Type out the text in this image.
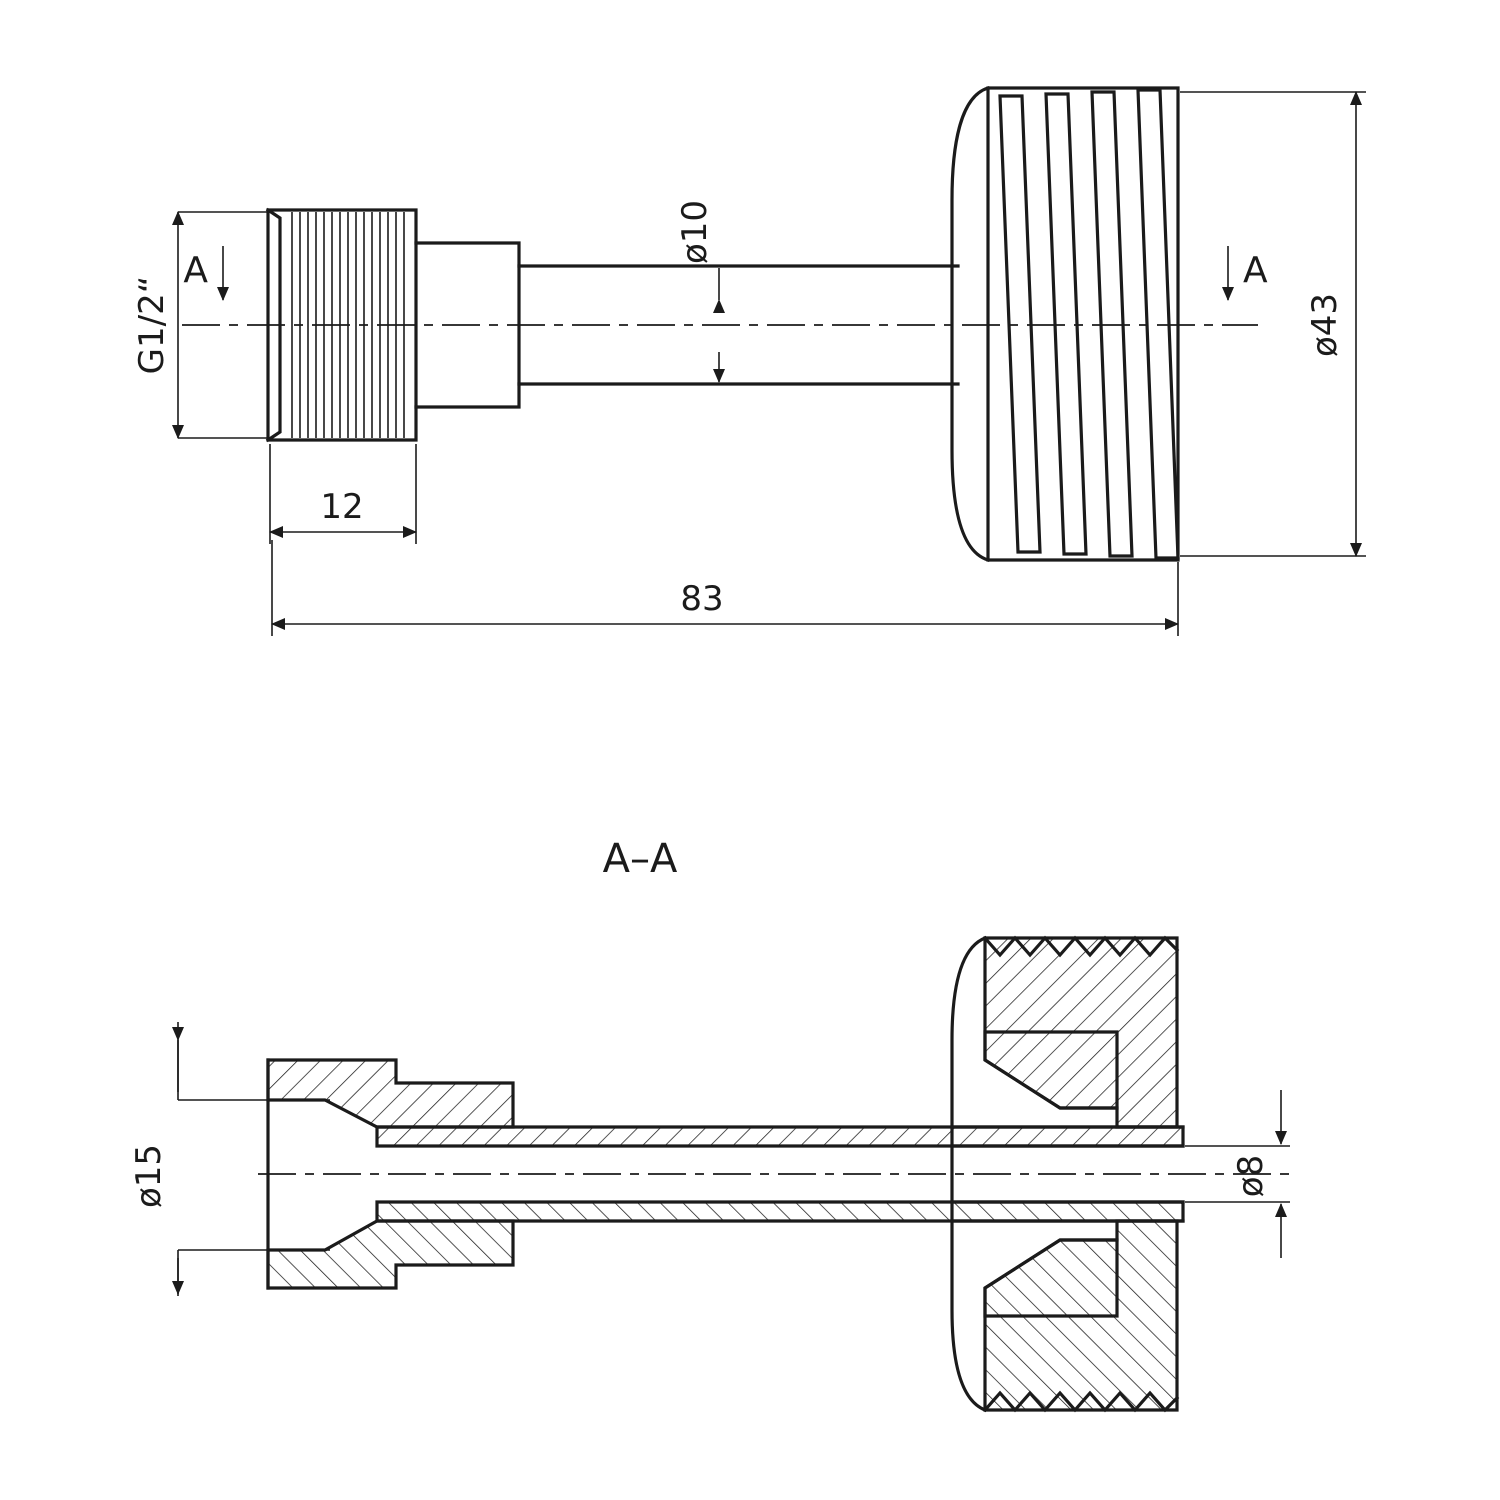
G1/2“
A	A
ø10
ø43
12
83
A–A
ø15	ø8
